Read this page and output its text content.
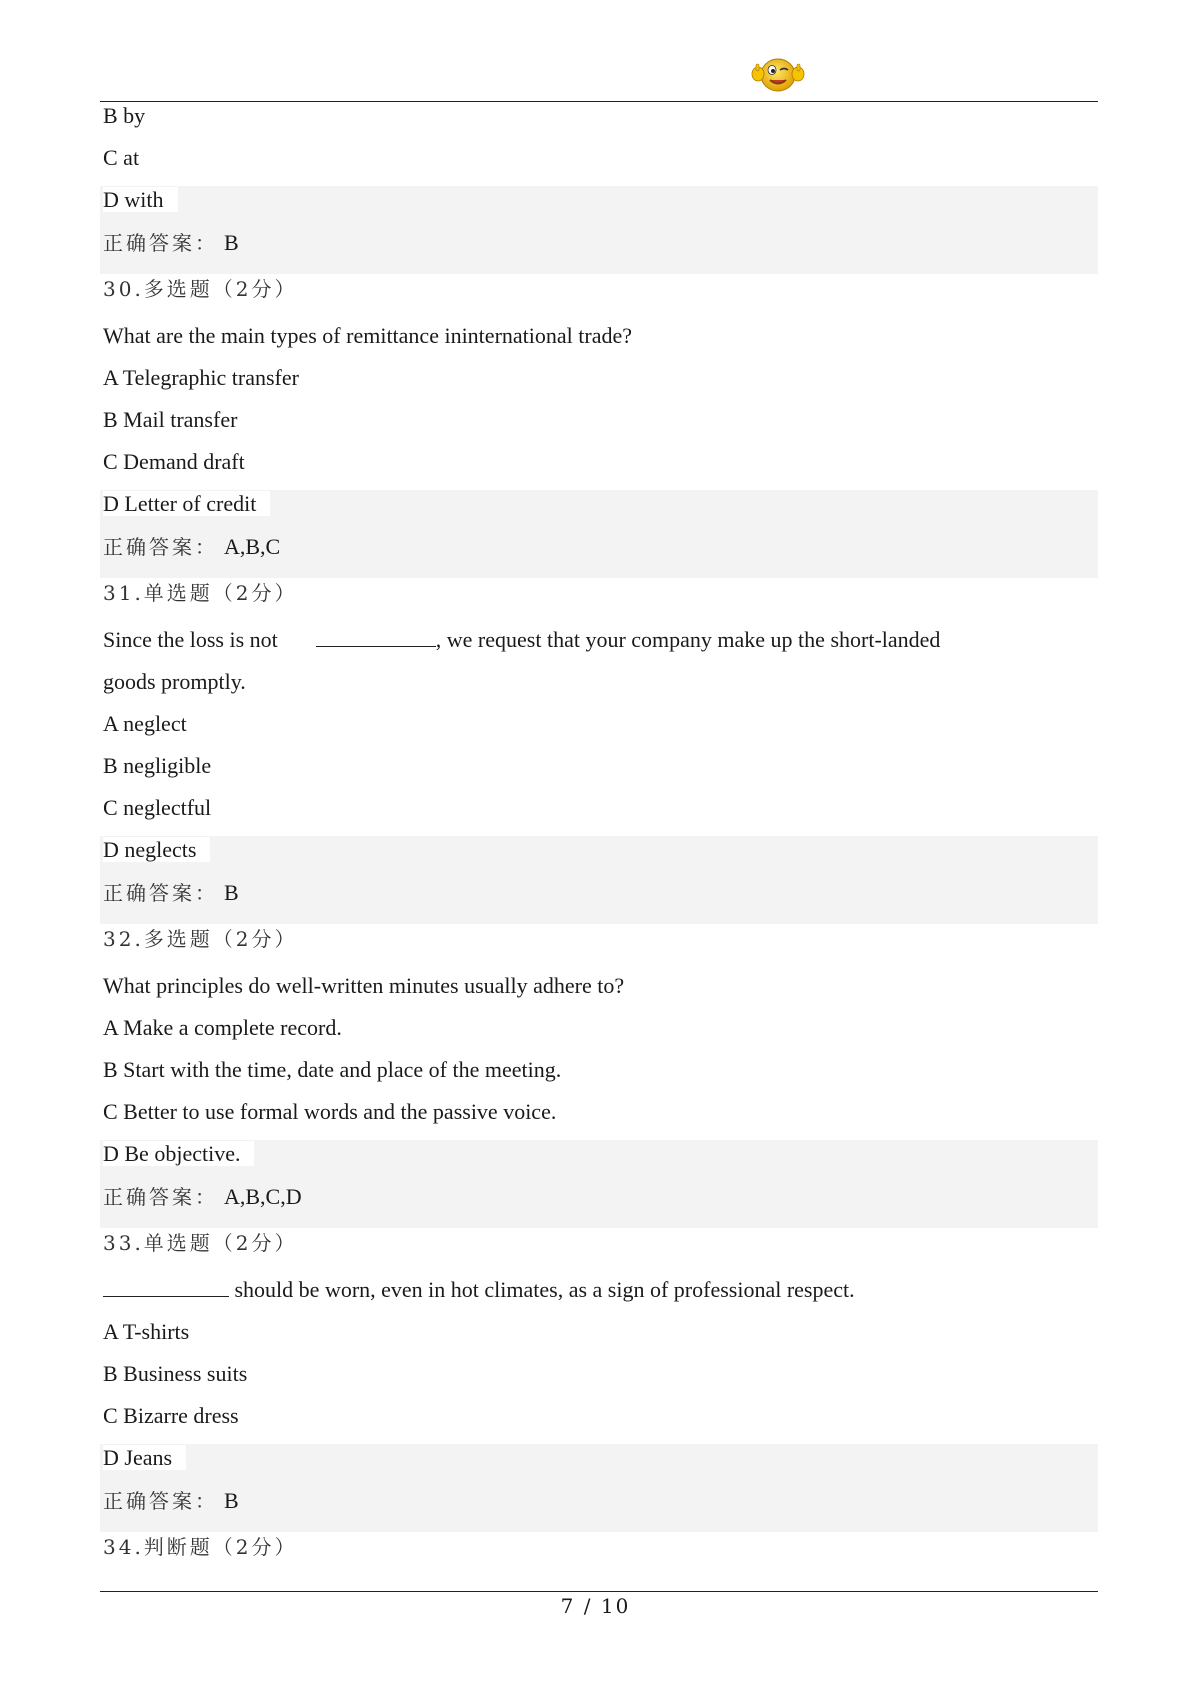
B by
C at
D with
正确答案： B
30.多选题（2分）
What are the main types of remittance ininternational trade?
A Telegraphic transfer
B Mail transfer
C Demand draft
D Letter of credit
正确答案： A,B,C
31.单选题（2分）
Since the loss is not	, we request that your company make up the short-landed
goods promptly.
A neglect
B negligible
C neglectful
D neglects
正确答案： B
32.多选题（2分）
What principles do well-written minutes usually adhere to?
A Make a complete record.
B Start with the time, date and place of the meeting.
C Better to use formal words and the passive voice.
D Be objective.
正确答案： A,B,C,D
33.单选题（2分）
should be worn, even in hot climates, as a sign of professional respect.
A T-shirts
B Business suits
C Bizarre dress
D Jeans
正确答案： B
34.判断题（2分）
7 / 10
